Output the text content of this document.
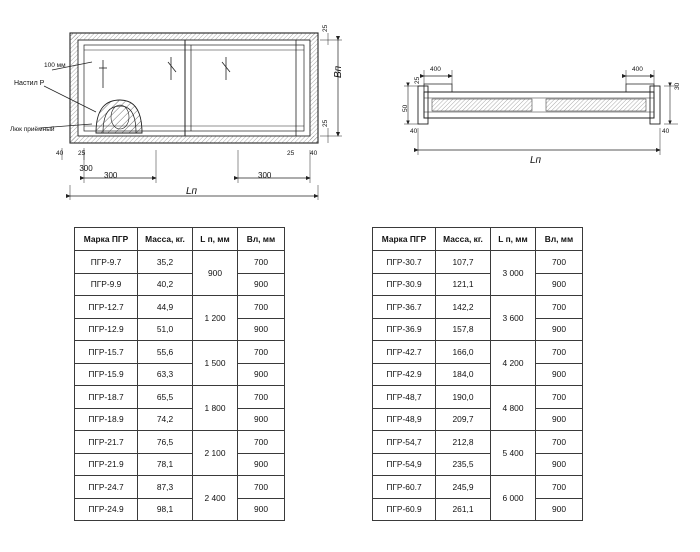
300
300	300
Lп
Bп
25
25
40 25	25 40
Настил Р
Люк приёмный
100 мм
400	400
25
50
40
30
40
Lп
Марка ПГР	Масса, кг.	L п, мм	Вл, мм
ПГР-9.7	35,2	900	700
ПГР-9.9	40,2		900
ПГР-12.7	44,9	1 200	700
ПГР-12.9	51,0		900
ПГР-15.7	55,6	1 500	700
ПГР-15.9	63,3		900
ПГР-18.7	65,5	1 800	700
ПГР-18.9	74,2		900
ПГР-21.7	76,5	2 100	700
ПГР-21.9	78,1		900
ПГР-24.7	87,3	2 400	700
ПГР-24.9	98,1		900
Марка ПГР	Масса, кг.	L п, мм	Вл, мм
ПГР-30.7	107,7	3 000	700
ПГР-30.9	121,1		900
ПГР-36.7	142,2	3 600	700
ПГР-36.9	157,8		900
ПГР-42.7	166,0	4 200	700
ПГР-42.9	184,0		900
ПГР-48,7	190,0	4 800	700
ПГР-48,9	209,7		900
ПГР-54,7	212,8	5 400	700
ПГР-54,9	235,5		900
ПГР-60.7	245,9	6 000	700
ПГР-60.9	261,1		900
